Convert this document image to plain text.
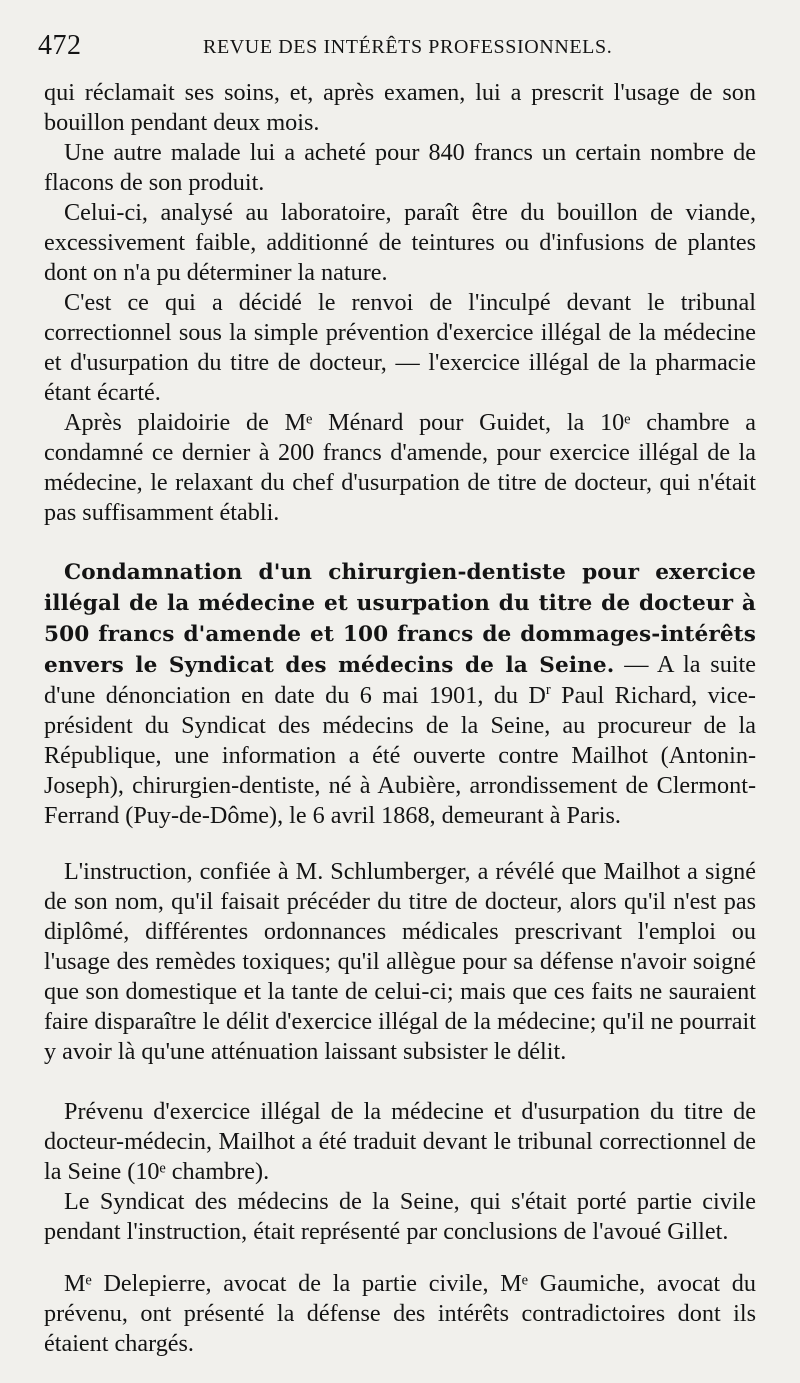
472	REVUE DES INTÉRÊTS PROFESSIONNELS.

qui réclamait ses soins, et, après examen, lui a prescrit l'usage de son bouillon pendant deux mois.

Une autre malade lui a acheté pour 840 francs un certain nombre de flacons de son produit.

Celui-ci, analysé au laboratoire, paraît être du bouillon de viande, excessivement faible, additionné de teintures ou d'infusions de plantes dont on n'a pu déterminer la nature.

C'est ce qui a décidé le renvoi de l'inculpé devant le tribunal correctionnel sous la simple prévention d'exercice illégal de la médecine et d'usurpation du titre de docteur, — l'exercice illégal de la pharmacie étant écarté.

Après plaidoirie de Mᵉ Ménard pour Guidet, la 10ᵉ chambre a condamné ce dernier à 200 francs d'amende, pour exercice illégal de la médecine, le relaxant du chef d'usurpation de titre de docteur, qui n'était pas suffisamment établi.

Condamnation d'un chirurgien-dentiste pour exercice illégal de la médecine et usurpation du titre de docteur à 500 francs d'amende et 100 francs de dommages-intérêts envers le Syndicat des médecins de la Seine. — A la suite d'une dénonciation en date du 6 mai 1901, du $D^r$ Paul Richard, vice-président du Syndicat des médecins de la Seine, au procureur de la République, une information a été ouverte contre Mailhot (Antonin-Joseph), chirurgien-dentiste, né à Aubière, arrondissement de Clermont-Ferrand (Puy-de-Dôme), le 6 avril 1868, demeurant à Paris.

L'instruction, confiée à M. Schlumberger, a révélé que Mailhot a signé de son nom, qu'il faisait précéder du titre de docteur, alors qu'il n'est pas diplômé, différentes ordonnances médicales prescrivant l'emploi ou l'usage des remèdes toxiques; qu'il allègue pour sa défense n'avoir soigné que son domestique et la tante de celui-ci; mais que ces faits ne sauraient faire disparaître le délit d'exercice illégal de la médecine; qu'il ne pourrait y avoir là qu'une atténuation laissant subsister le délit.

Prévenu d'exercice illégal de la médecine et d'usurpation du titre de docteur-médecin, Mailhot a été traduit devant le tribunal correctionnel de la Seine (10ᵉ chambre).

Le Syndicat des médecins de la Seine, qui s'était porté partie civile pendant l'instruction, était représenté par conclusions de l'avoué Gillet.

Mᵉ Delepierre, avocat de la partie civile, Mᵉ Gaumiche, avocat du prévenu, ont présenté la défense des intérêts contradictoires dont ils étaient chargés.
